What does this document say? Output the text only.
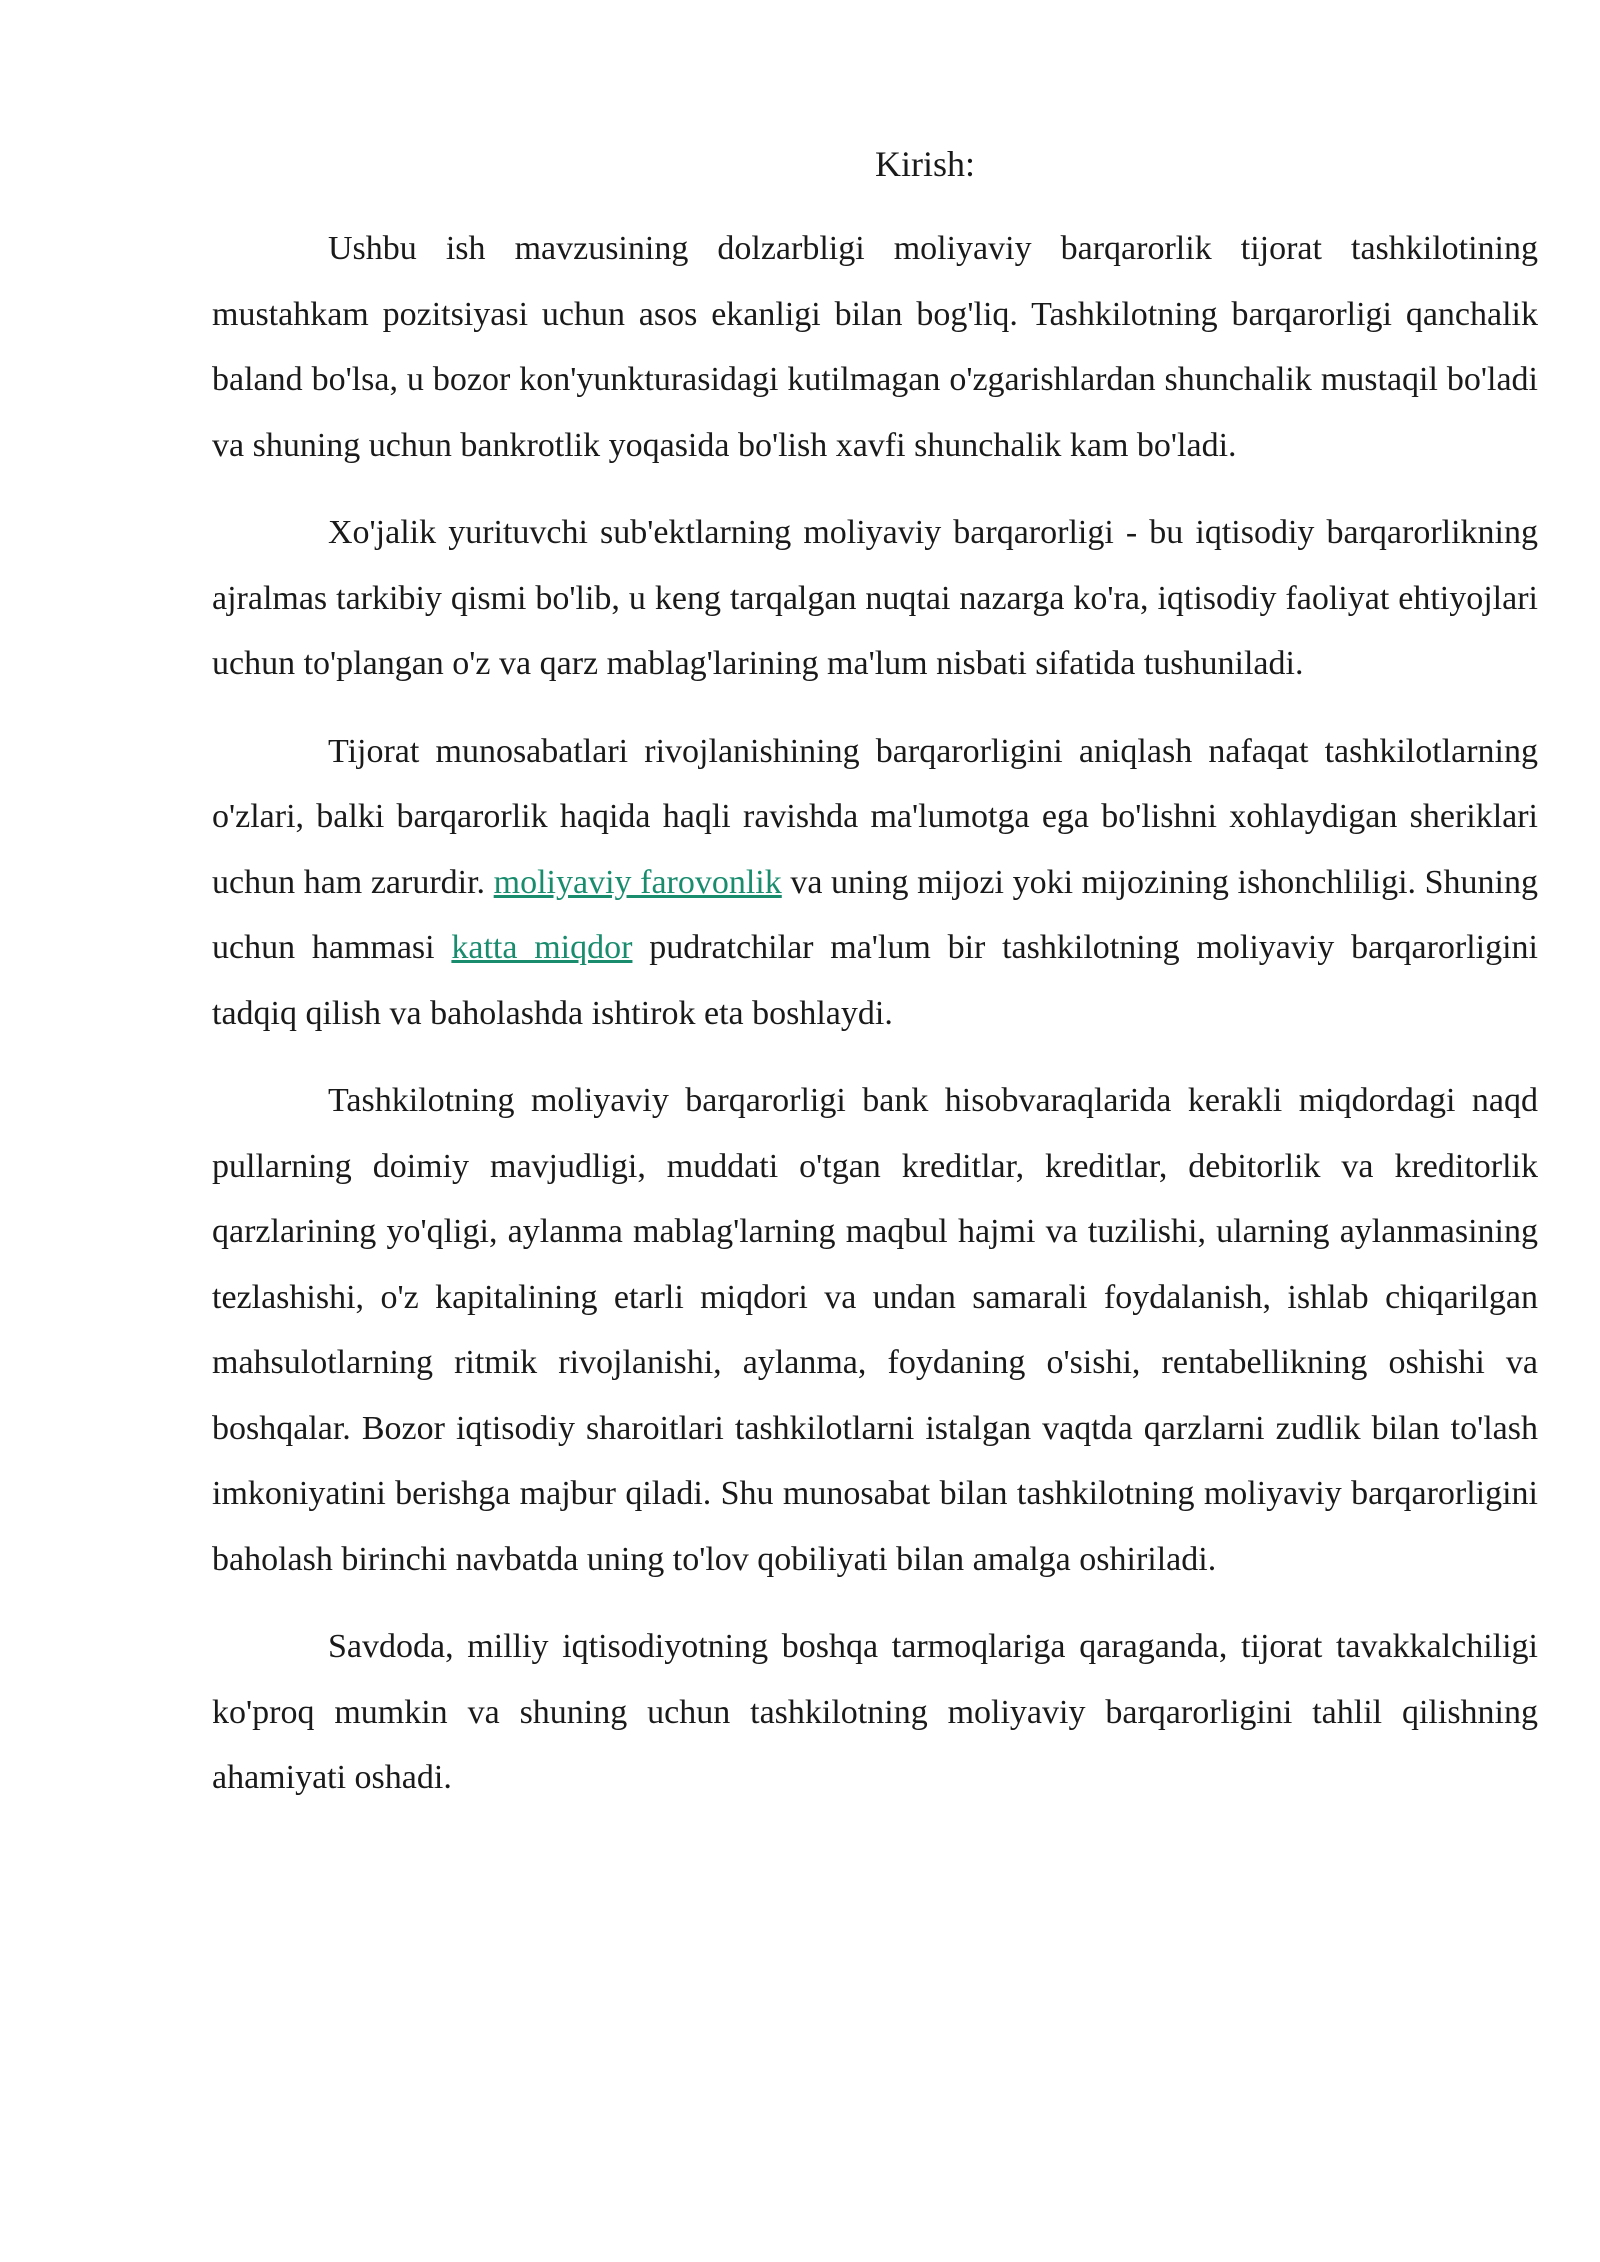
Kirish:

Ushbu ish mavzusining dolzarbligi moliyaviy barqarorlik tijorat tashkilotining mustahkam pozitsiyasi uchun asos ekanligi bilan bog'liq. Tashkilotning barqarorligi qanchalik baland bo'lsa, u bozor kon'yunkturasidagi kutilmagan o'zgarishlardan shunchalik mustaqil bo'ladi va shuning uchun bankrotlik yoqasida bo'lish xavfi shunchalik kam bo'ladi.

Xo'jalik yurituvchi sub'ektlarning moliyaviy barqarorligi - bu iqtisodiy barqarorlikning ajralmas tarkibiy qismi bo'lib, u keng tarqalgan nuqtai nazarga ko'ra, iqtisodiy faoliyat ehtiyojlari uchun to'plangan o'z va qarz mablag'larining ma'lum nisbati sifatida tushuniladi.

Tijorat munosabatlari rivojlanishining barqarorligini aniqlash nafaqat tashkilotlarning o'zlari, balki barqarorlik haqida haqli ravishda ma'lumotga ega bo'lishni xohlaydigan sheriklari uchun ham zarurdir. moliyaviy farovonlik va uning mijozi yoki mijozining ishonchliligi. Shuning uchun hammasi katta miqdor pudratchilar ma'lum bir tashkilotning moliyaviy barqarorligini tadqiq qilish va baholashda ishtirok eta boshlaydi.

Tashkilotning moliyaviy barqarorligi bank hisobvaraqlarida kerakli miqdordagi naqd pullarning doimiy mavjudligi, muddati o'tgan kreditlar, kreditlar, debitorlik va kreditorlik qarzlarining yo'qligi, aylanma mablag'larning maqbul hajmi va tuzilishi, ularning aylanmasining tezlashishi, o'z kapitalining etarli miqdori va undan samarali foydalanish, ishlab chiqarilgan mahsulotlarning ritmik rivojlanishi, aylanma, foydaning o'sishi, rentabellikning oshishi va boshqalar. Bozor iqtisodiy sharoitlari tashkilotlarni istalgan vaqtda qarzlarni zudlik bilan to'lash imkoniyatini berishga majbur qiladi. Shu munosabat bilan tashkilotning moliyaviy barqarorligini baholash birinchi navbatda uning to'lov qobiliyati bilan amalga oshiriladi.

Savdoda, milliy iqtisodiyotning boshqa tarmoqlariga qaraganda, tijorat tavakkalchiligi ko'proq mumkin va shuning uchun tashkilotning moliyaviy barqarorligini tahlil qilishning ahamiyati oshadi.
